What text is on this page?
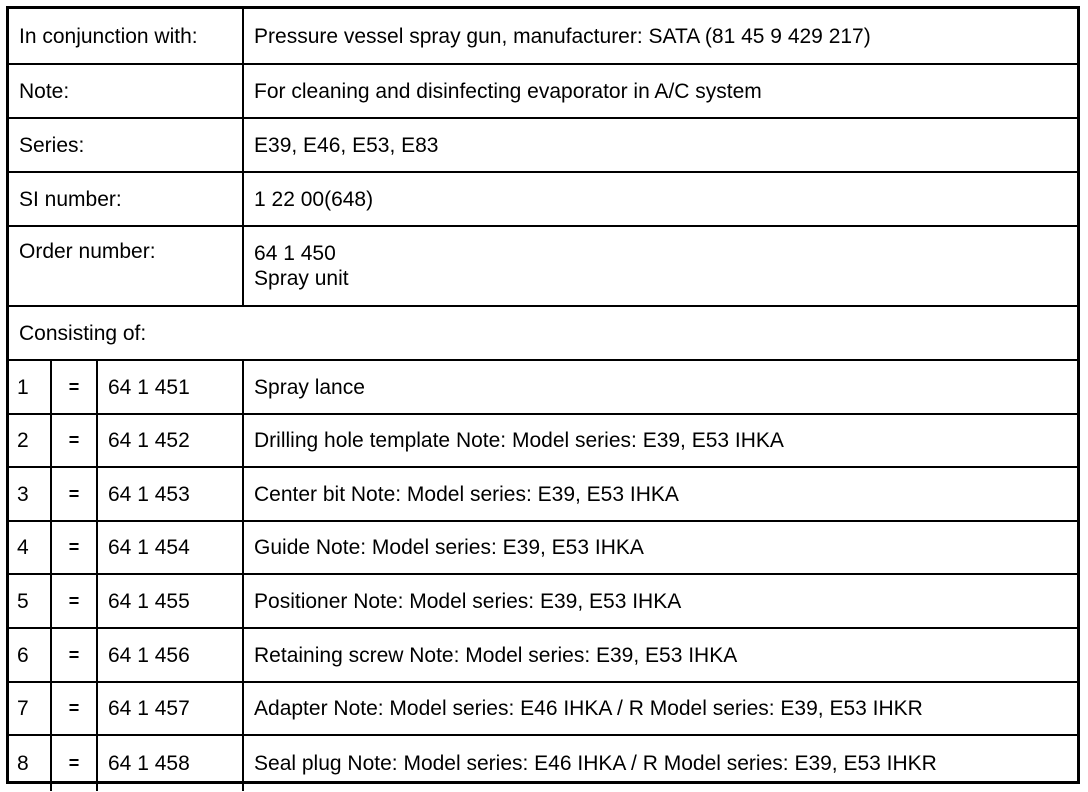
In conjunction with:			Pressure vessel spray gun, manufacturer: SATA (81 45 9 429 217)
Note:			For cleaning and disinfecting evaporator in A/C system
Series:			E39, E46, E53, E83
SI number:			1 22 00(648)
Order number:			64 1 450
Spray unit

Consisting of:			
1	=	64 1 451	Spray lance
2	=	64 1 452	Drilling hole template Note: Model series: E39, E53 IHKA
3	=	64 1 453	Center bit Note: Model series: E39, E53 IHKA
4	=	64 1 454	Guide Note: Model series: E39, E53 IHKA
5	=	64 1 455	Positioner Note: Model series: E39, E53 IHKA
6	=	64 1 456	Retaining screw Note: Model series: E39, E53 IHKA
7	=	64 1 457	Adapter Note: Model series: E46 IHKA / R Model series: E39, E53 IHKR
8	=	64 1 458	Seal plug Note: Model series: E46 IHKA / R Model series: E39, E53 IHKR
